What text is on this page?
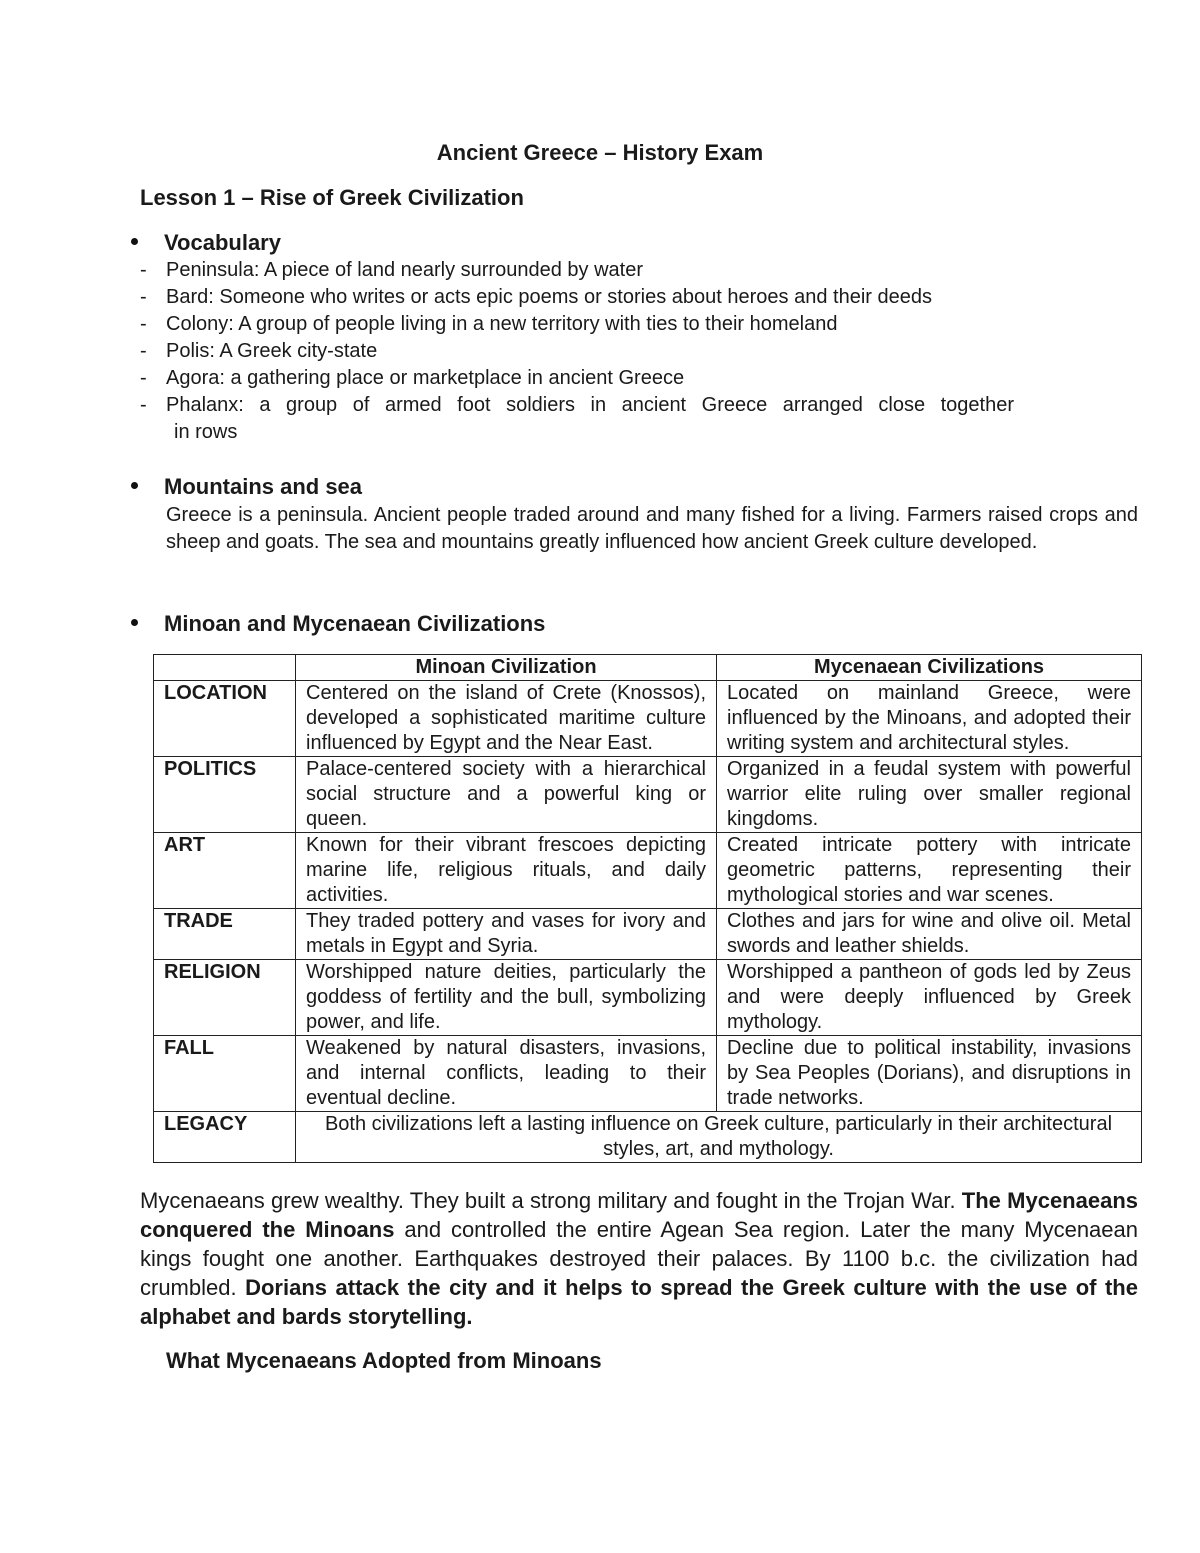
Ancient Greece – History Exam
Lesson 1 – Rise of Greek Civilization
Vocabulary
- Peninsula: A piece of land nearly surrounded by water
- Bard: Someone who writes or acts epic poems or stories about heroes and their deeds
- Colony: A group of people living in a new territory with ties to their homeland
- Polis: A Greek city-state
- Agora: a gathering place or marketplace in ancient Greece
- Phalanx: a group of armed foot soldiers in ancient Greece arranged close together
in rows
Mountains and sea

Greece is a peninsula. Ancient people traded around and many fished for a living. Farmers raised crops and sheep and goats. The sea and mountains greatly influenced how ancient Greek culture developed.

Minoan and Mycenaean Civilizations
	Minoan Civilization	Mycenaean Civilizations
LOCATION	Centered on the island of Crete (Knossos), developed a sophisticated maritime culture influenced by Egypt and the Near East.	Located on mainland Greece, were influenced by the Minoans, and adopted their writing system and architectural styles.
POLITICS	Palace-centered society with a hierarchical social structure and a powerful king or queen.	Organized in a feudal system with powerful warrior elite ruling over smaller regional kingdoms.
ART	Known for their vibrant frescoes depicting marine life, religious rituals, and daily activities.	Created intricate pottery with intricate geometric patterns, representing their mythological stories and war scenes.
TRADE	They traded pottery and vases for ivory and metals in Egypt and Syria.	Clothes and jars for wine and olive oil. Metal swords and leather shields.
RELIGION	Worshipped nature deities, particularly the goddess of fertility and the bull, symbolizing power, and life.	Worshipped a pantheon of gods led by Zeus and were deeply influenced by Greek mythology.
FALL	Weakened by natural disasters, invasions, and internal conflicts, leading to their eventual decline.	Decline due to political instability, invasions by Sea Peoples (Dorians), and disruptions in trade networks.
LEGACY	Both civilizations left a lasting influence on Greek culture, particularly in their architectural styles, art, and mythology.	

Mycenaeans grew wealthy. They built a strong military and fought in the Trojan War. The Mycenaeans conquered the Minoans and controlled the entire Agean Sea region. Later the many Mycenaean kings fought one another. Earthquakes destroyed their palaces. By 1100 b.c. the civilization had crumbled. Dorians attack the city and it helps to spread the Greek culture with the use of the alphabet and bards storytelling.

What Mycenaeans Adopted from Minoans
